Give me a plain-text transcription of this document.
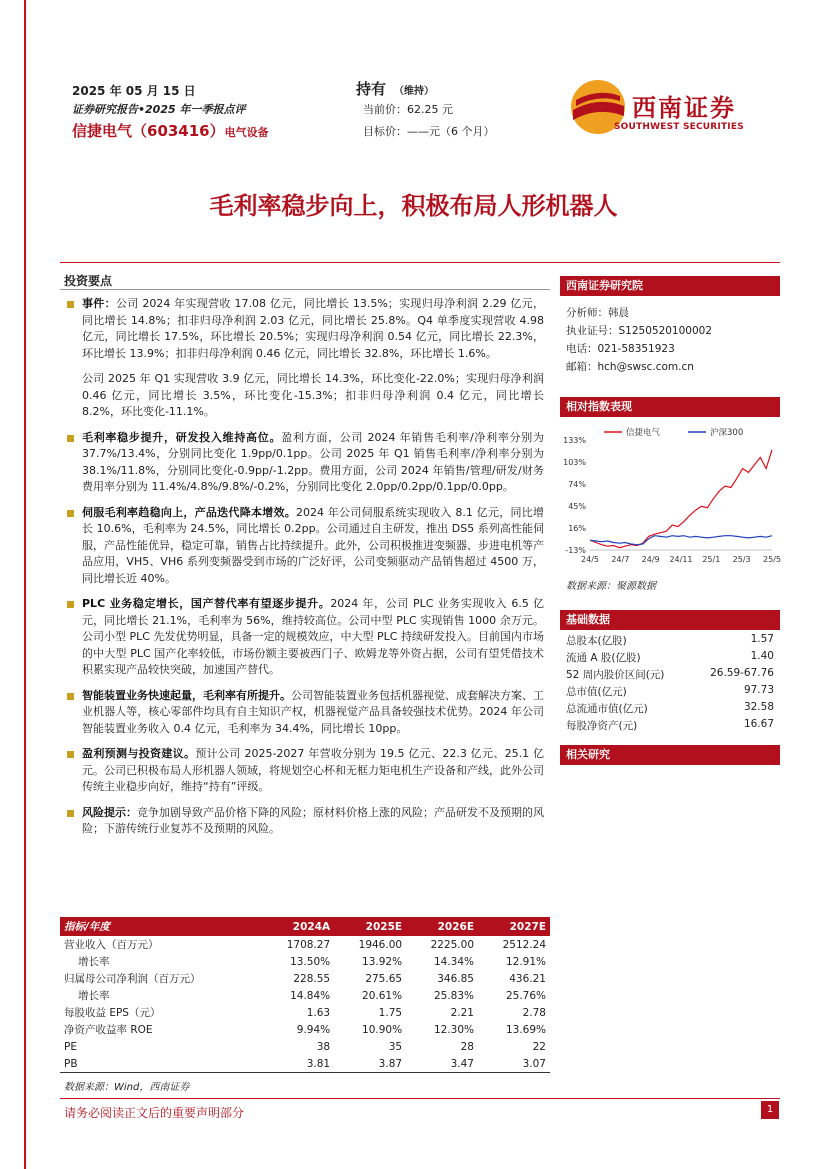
2025 年 05 月 15 日
证券研究报告•2025 年一季报点评
信捷电气（603416）电气设备
持有 （维持）
当前价：62.25 元
目标价：——元（6 个月）
西南证券
SOUTHWEST SECURITIES
毛利率稳步向上，积极布局人形机器人
投资要点

事件：公司 2024 年实现营收 17.08 亿元，同比增长 13.5%；实现归母净利润 2.29 亿元，同比增长 14.8%；扣非归母净利润 2.03 亿元，同比增长 25.8%。Q4 单季度实现营收 4.98 亿元，同比增长 17.5%，环比增长 20.5%；实现归母净利润 0.54 亿元，同比增长 22.3%，环比增长 13.9%；扣非归母净利润 0.46 亿元，同比增长 32.8%，环比增长 1.6%。

公司 2025 年 Q1 实现营收 3.9 亿元，同比增长 14.3%，环比变化-22.0%；实现归母净利润 0.46 亿元，同比增长 3.5%，环比变化-15.3%；扣非归母净利润 0.4 亿元，同比增长 8.2%，环比变化-11.1%。

毛利率稳步提升，研发投入维持高位。盈利方面，公司 2024 年销售毛利率/净利率分别为 37.7%/13.4%，分别同比变化 1.9pp/0.1pp。公司 2025 年 Q1 销售毛利率/净利率分别为 38.1%/11.8%，分别同比变化-0.9pp/-1.2pp。费用方面，公司 2024 年销售/管理/研发/财务费用率分别为 11.4%/4.8%/9.8%/-0.2%，分别同比变化 2.0pp/0.2pp/0.1pp/0.0pp。

伺服毛利率趋稳向上，产品迭代降本增效。2024 年公司伺服系统实现收入 8.1 亿元，同比增长 10.6%，毛利率为 24.5%，同比增长 0.2pp。公司通过自主研发，推出 DS5 系列高性能伺服，产品性能优异，稳定可靠，销售占比持续提升。此外，公司积极推进变频器、步进电机等产品应用，VH5、VH6 系列变频器受到市场的广泛好评，公司变频驱动产品销售超过 4500 万，同比增长近 40%。

PLC 业务稳定增长，国产替代率有望逐步提升。2024 年，公司 PLC 业务实现收入 6.5 亿元，同比增长 21.1%，毛利率为 56%，维持较高位。公司中型 PLC 实现销售 1000 余万元。公司小型 PLC 先发优势明显，具备一定的规模效应，中大型 PLC 持续研发投入。目前国内市场的中大型 PLC 国产化率较低，市场份额主要被西门子、欧姆龙等外资占据，公司有望凭借技术积累实现产品较快突破，加速国产替代。

智能装置业务快速起量，毛利率有所提升。公司智能装置业务包括机器视觉、成套解决方案、工业机器人等，核心零部件均具有自主知识产权，机器视觉产品具备较强技术优势。2024 年公司智能装置业务收入 0.4 亿元，毛利率为 34.4%，同比增长 10pp。

盈利预测与投资建议。预计公司 2025-2027 年营收分别为 19.5 亿元、22.3 亿元、25.1 亿元。公司已积极布局人形机器人领域，将规划空心杯和无框力矩电机生产设备和产线，此外公司传统主业稳步向好，维持“持有”评级。

风险提示：竞争加剧导致产品价格下降的风险；原材料价格上涨的风险；产品研发不及预期的风险；下游传统行业复苏不及预期的风险。

西南证券研究院
分析师：韩晨
执业证号：S1250520100002
电话：021-58351923
邮箱：hch@swsc.com.cn
相对指数表现
133%
103%
74%
45%
16%
-13%
24/5 24/7 24/9 24/11 25/1 25/3 25/5
信捷电气	沪深300
数据来源：聚源数据
基础数据
总股本(亿股)	1.57
流通 A 股(亿股)	1.40
52 周内股价区间(元)	26.59-67.76
总市值(亿元)	97.73
总流通市值(亿元)	32.58
每股净资产(元)	16.67
相关研究
指标/年度	2024A	2025E	2026E	2027E
营业收入（百万元）	1708.27	1946.00	2225.00	2512.24
增长率	13.50%	13.92%	14.34%	12.91%
归属母公司净利润（百万元）	228.55	275.65	346.85	436.21
增长率	14.84%	20.61%	25.83%	25.76%
每股收益 EPS（元）	1.63	1.75	2.21	2.78
净资产收益率 ROE	9.94%	10.90%	12.30%	13.69%
PE	38	35	28	22
PB	3.81	3.87	3.47	3.07
数据来源：Wind，西南证券
请务必阅读正文后的重要声明部分	1
